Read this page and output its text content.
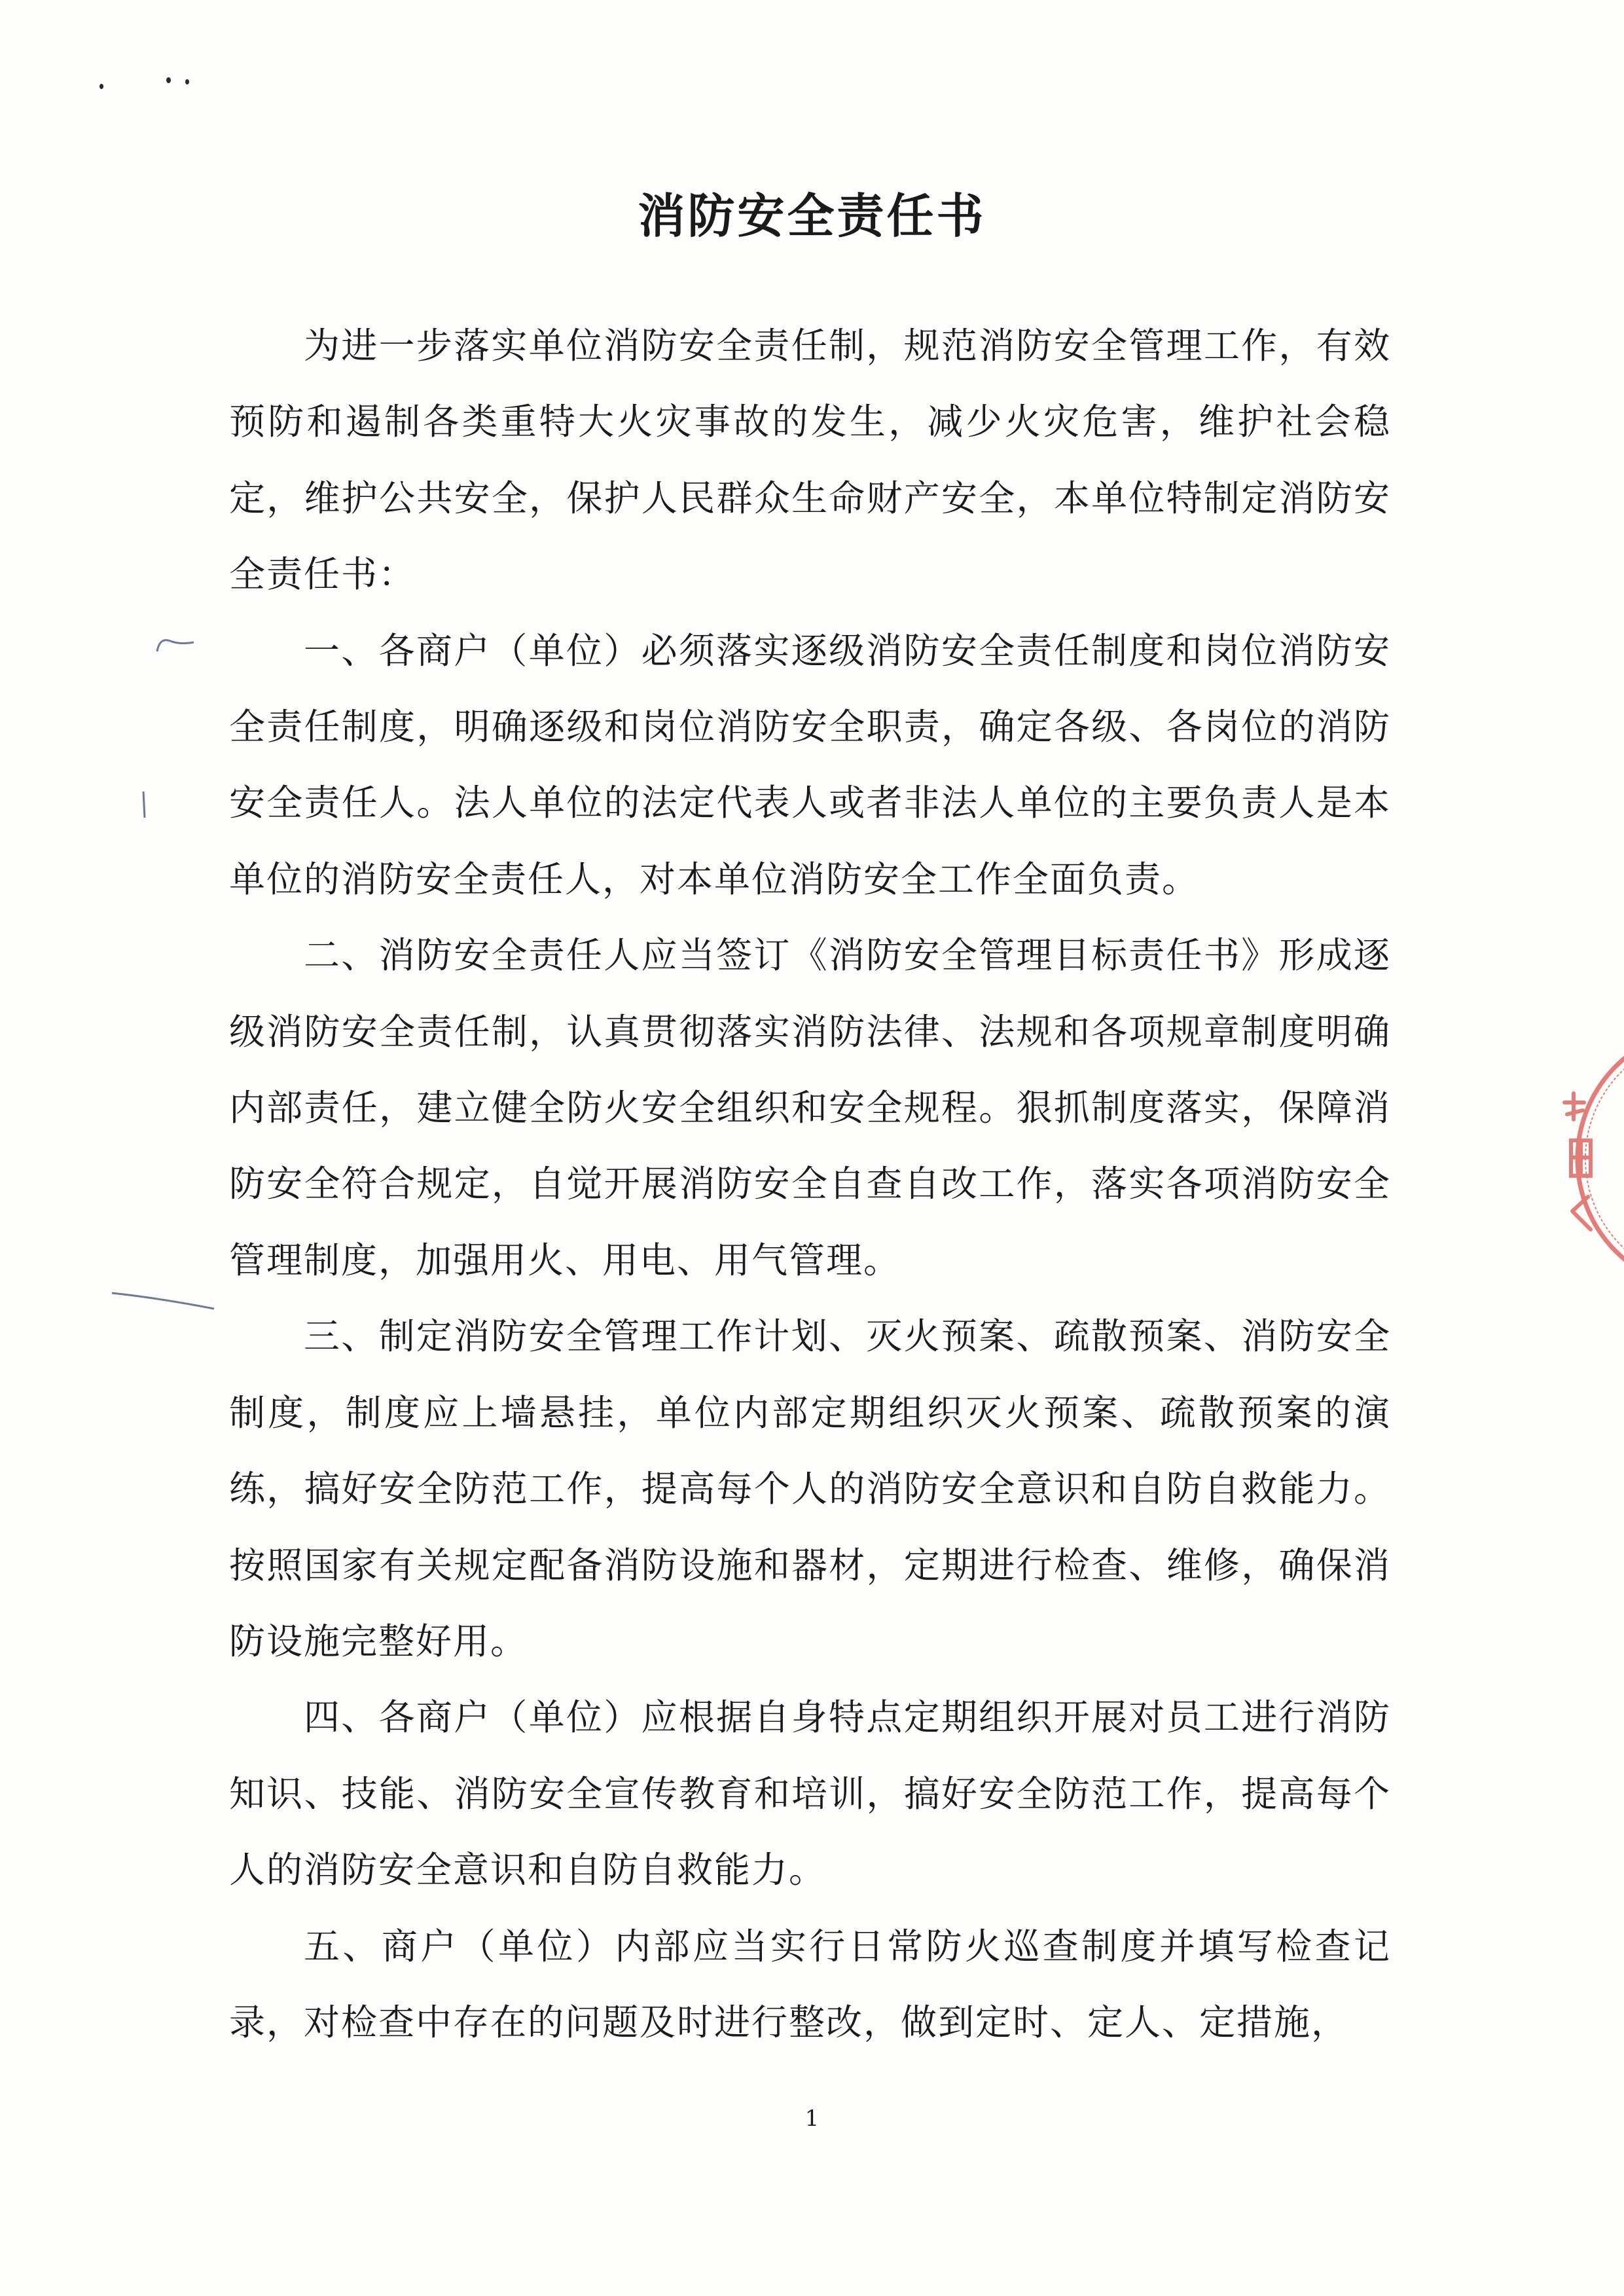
消防安全责任书

为进一步落实单位消防安全责任制，规范消防安全管理工作，有效预防和遏制各类重特大火灾事故的发生，减少火灾危害，维护社会稳定，维护公共安全，保护人民群众生命财产安全，本单位特制定消防安全责任书：

一、各商户（单位）必须落实逐级消防安全责任制度和岗位消防安全责任制度，明确逐级和岗位消防安全职责，确定各级、各岗位的消防安全责任人。法人单位的法定代表人或者非法人单位的主要负责人是本单位的消防安全责任人，对本单位消防安全工作全面负责。

二、消防安全责任人应当签订《消防安全管理目标责任书》形成逐级消防安全责任制，认真贯彻落实消防法律、法规和各项规章制度明确内部责任，建立健全防火安全组织和安全规程。狠抓制度落实，保障消防安全符合规定，自觉开展消防安全自查自改工作，落实各项消防安全管理制度，加强用火、用电、用气管理。

三、制定消防安全管理工作计划、灭火预案、疏散预案、消防安全制度，制度应上墙悬挂，单位内部定期组织灭火预案、疏散预案的演练，搞好安全防范工作，提高每个人的消防安全意识和自防自救能力。按照国家有关规定配备消防设施和器材，定期进行检查、维修，确保消防设施完整好用。

四、各商户（单位）应根据自身特点定期组织开展对员工进行消防知识、技能、消防安全宣传教育和培训，搞好安全防范工作，提高每个人的消防安全意识和自防自救能力。

五、商户（单位）内部应当实行日常防火巡查制度并填写检查记录，对检查中存在的问题及时进行整改，做到定时、定人、定措施，

1
